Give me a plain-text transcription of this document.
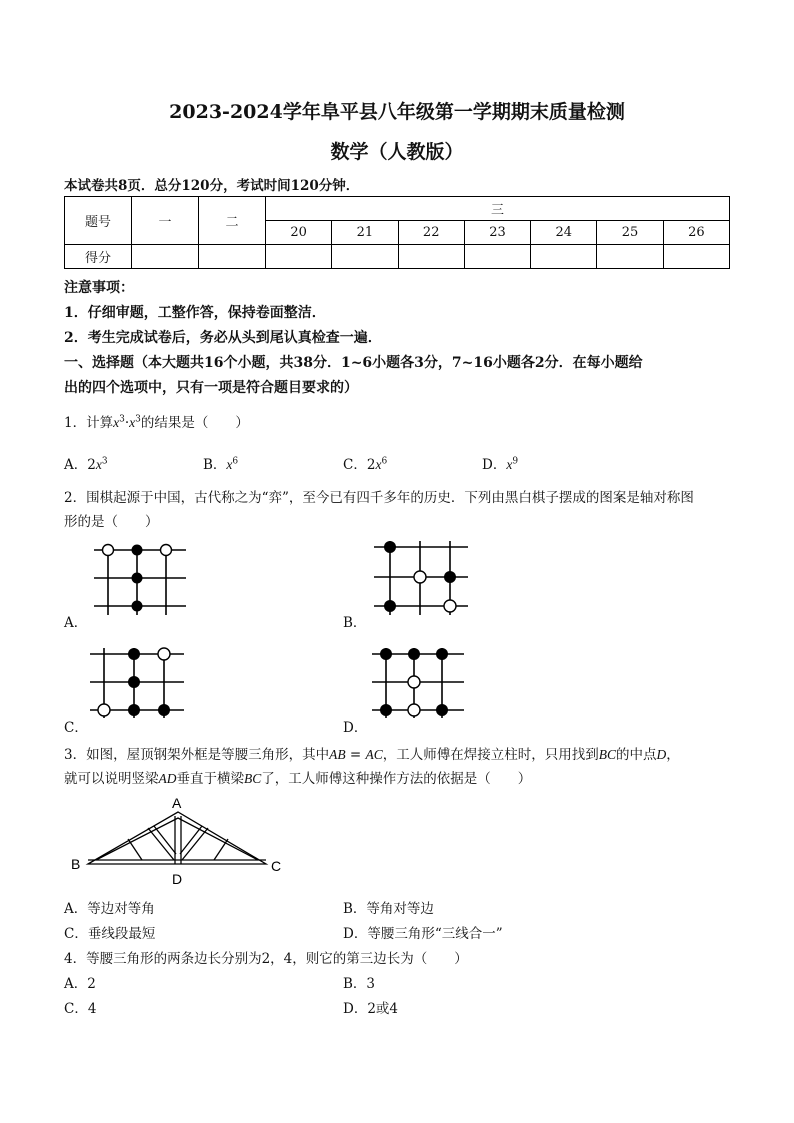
2023-2024学年阜平县八年级第一学期期末质量检测
数学（人教版）
本试卷共8页．总分120分，考试时间120分钟．
题号	一	二	三						
			20	21	22	23	24	25	26
得分									
注意事项：
1．仔细审题，工整作答，保持卷面整洁．
2．考生完成试卷后，务必从头到尾认真检查一遍．
一、选择题（本大题共16个小题，共38分．1~6小题各3分，7~16小题各2分．在每小题给
出的四个选项中，只有一项是符合题目要求的）
1．计算$x^3\cdot x^3$的结果是（　　）
A．$2x^3$	B．$x^6$	C．$2x^6$	D．$x^9$
2．围棋起源于中国，古代称之为“弈”，至今已有四千多年的历史．下列由黑白棋子摆成的图案是轴对称图
形的是（　　）
A．	B．
C．	D．
3．如图，屋顶钢架外框是等腰三角形，其中AB = AC，工人师傅在焊接立柱时，只用找到BC的中点D，
就可以说明竖梁AD垂直于横梁BC了，工人师傅这种操作方法的依据是（　　）
A
B	C
D
A．等边对等角	B．等角对等边
C．垂线段最短	D．等腰三角形“三线合一”
4．等腰三角形的两条边长分别为2，4，则它的第三边长为（　　）
A．2	B．3
C．4	D．2或4
